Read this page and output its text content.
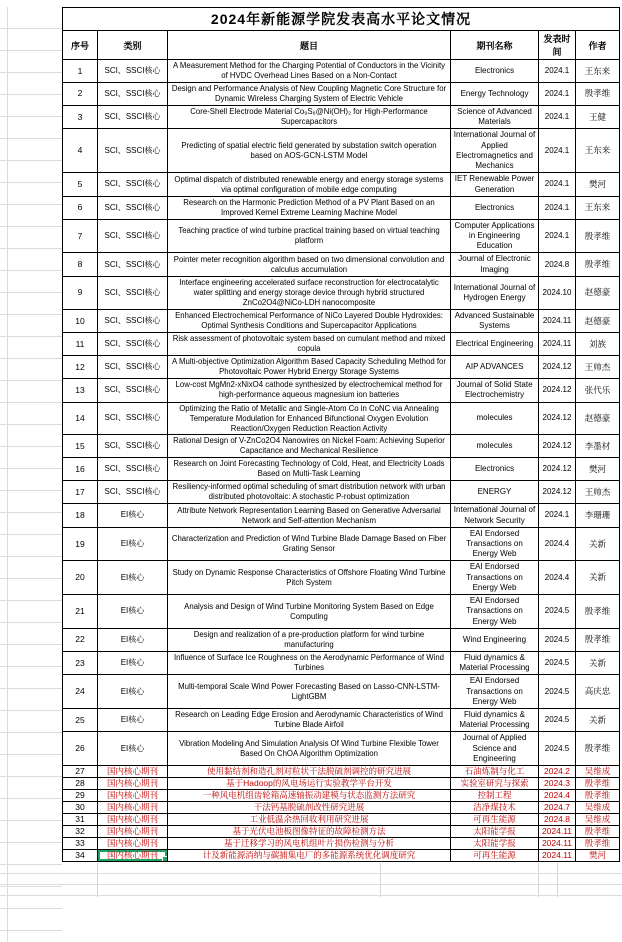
2024年新能源学院发表高水平论文情况					
序号	类别	题目	期刊名称	发表时间	作者
1	SCI、SSCI核心	A Measurement Method for the Charging Potential of Conductors in the Vicinity of HVDC Overhead Lines Based on a Non-Contact	Electronics	2024.1	王东来
2	SCI、SSCI核心	Design and Performance Analysis of New Coupling Magnetic Core Structure for Dynamic Wireless Charging System of Electric Vehicle	Energy Technology	2024.1	殷孝维
3	SCI、SSCI核心	Core-Shell Electrode Material Co₉S₈@Ni(OH)₂ for High-Performance Supercapacitors	Science of Advanced Materials	2024.1	王健
4	SCI、SSCI核心	Predicting of spatial electric field generated by substation switch operation based on AOS-GCN-LSTM Model	International Journal of Applied Electromagnetics and Mechanics	2024.1	王东来
5	SCI、SSCI核心	Optimal dispatch of distributed renewable energy and energy storage systems via optimal configuration of mobile edge computing	IET Renewable Power Generation	2024.1	樊河
6	SCI、SSCI核心	Research on the Harmonic Prediction Method of a PV Plant Based on an Improved Kernel Extreme Learning Machine Model	Electronics	2024.1	王东来
7	SCI、SSCI核心	Teaching practice of wind turbine practical training based on virtual teaching platform	Computer Applications in Engineering Education	2024.1	殷孝维
8	SCI、SSCI核心	Pointer meter recognition algorithm based on two dimensional convolution and calculus accumulation	Journal of Electronic Imaging	2024.8	殷孝维
9	SCI、SSCI核心	Interface engineering accelerated surface reconstruction for electrocatalytic water splitting and energy storage device through hybrid structured ZnCo2O4@NiCo-LDH nanocomposite	International Journal of Hydrogen Energy	2024.10	赵德豪
10	SCI、SSCI核心	Enhanced Electrochemical Performance of NiCo Layered Double Hydroxides: Optimal Synthesis Conditions and Supercapacitor Applications	Advanced Sustainable Systems	2024.11	赵德豪
11	SCI、SSCI核心	Risk assessment of photovoltaic system based on cumulant method and mixed copula	Electrical Engineering	2024.11	刘族
12	SCI、SSCI核心	A Multi-objective Optimization Algorithm Based Capacity Scheduling Method for Photovoltaic Power Hybrid Energy Storage Systems	AIP ADVANCES	2024.12	王帅杰
13	SCI、SSCI核心	Low-cost MgMn2-xNixO4 cathode synthesized by electrochemical method for high-performance aqueous magnesium ion batteries	Journal of Solid State Electrochemistry	2024.12	张代乐
14	SCI、SSCI核心	Optimizing the Ratio of Metallic and Single-Atom Co in CoNC via Annealing Temperature Modulation for Enhanced Bifunctional Oxygen Evolution Reaction/Oxygen Reduction Reaction Activity	molecules	2024.12	赵德豪
15	SCI、SSCI核心	Rational Design of V-ZnCo2O4 Nanowires on Nickel Foam: Achieving Superior Capacitance and Mechanical Resilience	molecules	2024.12	李墨材
16	SCI、SSCI核心	Research on Joint Forecasting Technology of Cold, Heat, and Electricity Loads Based on Multi-Task Learning	Electronics	2024.12	樊河
17	SCI、SSCI核心	Resiliency-informed optimal scheduling of smart distribution network with urban distributed photovoltaic: A stochastic P-robust optimization	ENERGY	2024.12	王帅杰
18	EI核心	Attribute Network Representation Learning Based on Generative Adversarial Network and Self-attention Mechanism	International Journal of Network Security	2024.1	李珊珊
19	EI核心	Characterization and Prediction of Wind Turbine Blade Damage Based on Fiber Grating Sensor	EAI Endorsed Transactions on Energy Web	2024.4	关新
20	EI核心	Study on Dynamic Response Characteristics of Offshore Floating Wind Turbine Pitch System	EAI Endorsed Transactions on Energy Web	2024.4	关新
21	EI核心	Analysis and Design of Wind Turbine Monitoring System Based on Edge Computing	EAI Endorsed Transactions on Energy Web	2024.5	殷孝维
22	EI核心	Design and realization of a pre-production platform for wind turbine manufacturing	Wind Engineering	2024.5	殷孝维
23	EI核心	Influence of Surface Ice Roughness on the Aerodynamic Performance of Wind Turbines	Fluid dynamics & Material Processing	2024.5	关新
24	EI核心	Multi-temporal Scale Wind Power Forecasting Based on Lasso-CNN-LSTM-LightGBM	EAI Endorsed Transactions on Energy Web	2024.5	高庆忠
25	EI核心	Research on Leading Edge Erosion and Aerodynamic Characteristics of Wind Turbine Blade Airfoil	Fluid dynamics & Material Processing	2024.5	关新
26	EI核心	Vibration Modeling And Simulation Analysis Of Wind Turbine Flexible Tower Based On ChOA Algorithm Optimization	Journal of Applied Science and Engineering	2024.5	殷孝维
27	国内核心期刊	使用黏结剂和造孔剂对粒状干法脱硫剂调控的研究进展	石油炼制与化工	2024.2	吴维成
28	国内核心期刊	基于Hadoop的风电场运行实验教学平台开发	实验室研究与探索	2024.3	殷孝维
29	国内核心期刊	一种风电机组齿轮箱高速轴振动建模与状态监测方法研究	控制工程	2024.4	殷孝维
30	国内核心期刊	干法钙基脱硫剂改性研究进展	洁净煤技术	2024.7	吴维成
31	国内核心期刊	工业低温余热回收利用研究进展	可再生能源	2024.8	吴维成
32	国内核心期刊	基于光伏电池板图像特征的故障检测方法	太阳能学报	2024.11	殷孝维
33	国内核心期刊	基于迁移学习的风电机组叶片损伤检测与分析	太阳能学报	2024.11	殷孝维
34	国内核心期刊	计及新能源消纳与碳捕集电厂的多能源系统优化调度研究	可再生能源	2024.11	樊河
